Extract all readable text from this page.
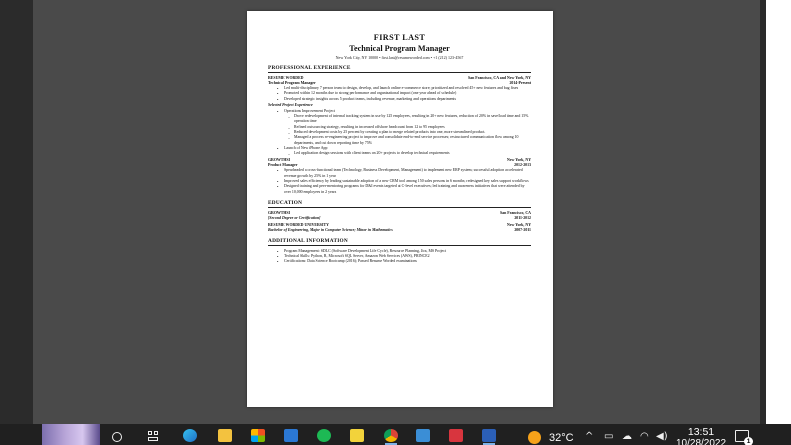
FIRST LAST
Technical Program Manager
New York City, NY 10000 • first.last@resumeworded.com • +1 (212) 123-4567
PROFESSIONAL EXPERIENCE
RESUME WORDED	San Francisco, CA and New York, NY
Technical Program Manager	2014-Present
• Led multi-disciplinary 7 person team to design, develop, and launch online e-commerce store; prioritized and resolved 45+ new features and bug fixes
• Promoted within 12 months due to strong performance and organizational impact (one year ahead of schedule)
• Developed strategic insights across 5 product teams, including revenue, marketing and operations departments
Selected Project Experience
• Operations Improvement Project
– Drove redevelopment of internal tracking system in use by 125 employees, resulting in 20+ new features, reduction of 20% in save/load time and 15% operation time
– Refined outsourcing strategy, resulting in increased offshore headcount from 12 to 95 employees
– Reduced development costs by 25 percent by creating a plan to merge related products into one, more streamlined product.
– Managed a process re-engineering project to improve and consolidate end-to-end service processes; restructured communication flow among 10 departments, and cut down reporting time by 75%
• Launch of New iPhone App
– Led application design sessions with client teams on 20+ projects to develop technical requirements
GROWTHSI	New York, NY
Product Manager	2012-2013
• Spearheaded a cross-functional team (Technology, Business Development, Management) to implement new ERP system; successful adoption accelerated revenue growth by 25% in 1 year
• Improved sales efficiency by leading sustainable adoption of a new CRM tool among 150 sales persons in 6 months; redesigned key sales support workflows
• Designed training and peer-mentoring programs for D&I events targeted at C-level executives; led training and awareness initiatives that were attended by over 10,000 employees in 2 years
EDUCATION
GROWTHSI	San Francisco, CA
[Second Degree or Certification]	2011-2012
RESUME WORDED UNIVERSITY	New York, NY
Bachelor of Engineering, Major in Computer Science; Minor in Mathematics	2007-2011
ADDITIONAL INFORMATION
• Program Management: SDLC (Software Development Life Cycle), Resource Planning, Jira, MS Project
• Technical Skills: Python, R, Microsoft SQL Server, Amazon Web Services (AWS), PRINCE2
• Certifications: Data Science Bootcamp (2016); Passed Resume Worded examinations
32°C ^ ▭ ☁ ◠ ◀)	13:51
10/28/2022	1
